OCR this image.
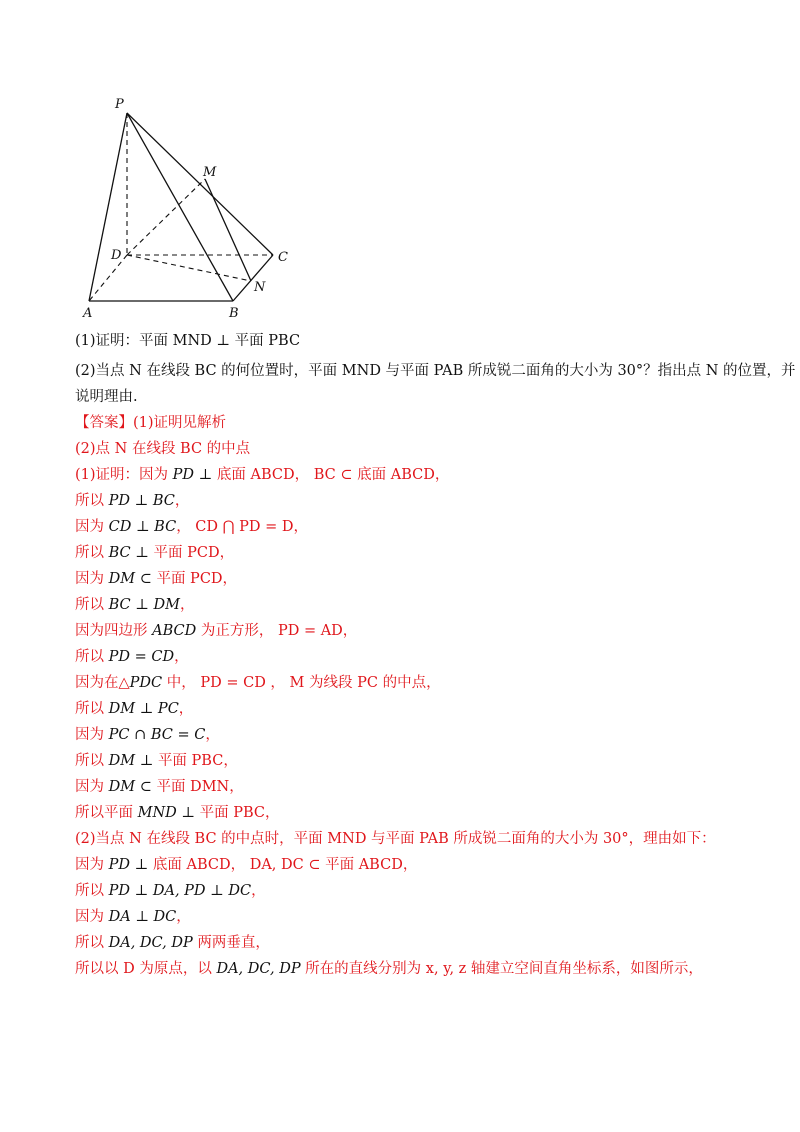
P
M
D	C
N
A	B
(1)证明：平面 MND ⊥ 平面 PBC
(2)当点 N 在线段 BC 的何位置时，平面 MND 与平面 PAB 所成锐二面角的大小为 30°？指出点 N 的位置，并
说明理由.
【答案】(1)证明见解析
(2)点 N 在线段 BC 的中点
(1)证明：因为 PD ⊥ 底面 ABCD， BC ⊂ 底面 ABCD，
所以 PD ⊥ BC，
因为 CD ⊥ BC， CD ⋂ PD = D，
所以 BC ⊥ 平面 PCD，
因为 DM ⊂ 平面 PCD，
所以 BC ⊥ DM，
因为四边形 ABCD 为正方形， PD = AD，
所以 PD = CD，
因为在△PDC 中， PD = CD ， M 为线段 PC 的中点，
所以 DM ⊥ PC，
因为 PC ∩ BC = C，
所以 DM ⊥ 平面 PBC，
因为 DM ⊂ 平面 DMN，
所以平面 MND ⊥ 平面 PBC，
(2)当点 N 在线段 BC 的中点时，平面 MND 与平面 PAB 所成锐二面角的大小为 30°，理由如下：
因为 PD ⊥ 底面 ABCD， DA, DC ⊂ 平面 ABCD，
所以 PD ⊥ DA, PD ⊥ DC，
因为 DA ⊥ DC，
所以 DA, DC, DP 两两垂直，
所以以 D 为原点，以 DA, DC, DP 所在的直线分别为 x, y, z 轴建立空间直角坐标系，如图所示，
